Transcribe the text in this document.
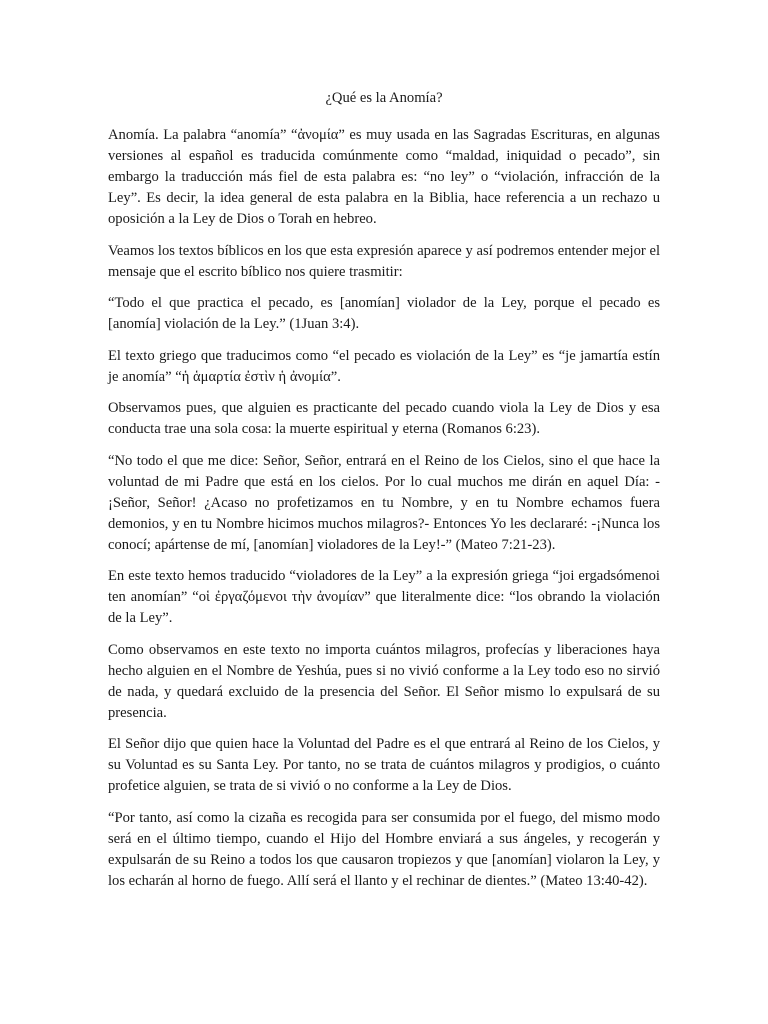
¿Qué es la Anomía?

Anomía. La palabra “anomía” “ἀνομία” es muy usada en las Sagradas Escrituras, en algunas versiones al español es traducida comúnmente como “maldad, iniquidad o pecado”, sin embargo la traducción más fiel de esta palabra es: “no ley” o “violación, infracción de la Ley”. Es decir, la idea general de esta palabra en la Biblia, hace referencia a un rechazo u oposición a la Ley de Dios o Torah en hebreo.

Veamos los textos bíblicos en los que esta expresión aparece y así podremos entender mejor el mensaje que el escrito bíblico nos quiere trasmitir:

“Todo el que practica el pecado, es [anomían] violador de la Ley, porque el pecado es [anomía] violación de la Ley.” (1Juan 3:4).

El texto griego que traducimos como “el pecado es violación de la Ley” es “je jamartía estín je anomía” “ἡ ἁμαρτία ἐστὶν ἡ ἀνομία”.

Observamos pues, que alguien es practicante del pecado cuando viola la Ley de Dios y esa conducta trae una sola cosa: la muerte espiritual y eterna (Romanos 6:23).

“No todo el que me dice: Señor, Señor, entrará en el Reino de los Cielos, sino el que hace la voluntad de mi Padre que está en los cielos. Por lo cual muchos me dirán en aquel Día: -¡Señor, Señor! ¿Acaso no profetizamos en tu Nombre, y en tu Nombre echamos fuera demonios, y en tu Nombre hicimos muchos milagros?- Entonces Yo les declararé: -¡Nunca los conocí; apártense de mí, [anomían] violadores de la Ley!-” (Mateo 7:21-23).

En este texto hemos traducido “violadores de la Ley” a la expresión griega “joi ergadsómenoi ten anomían” “οἱ ἐργαζόμενοι τὴν ἀνομίαν” que literalmente dice: “los obrando la violación de la Ley”.

Como observamos en este texto no importa cuántos milagros, profecías y liberaciones haya hecho alguien en el Nombre de Yeshúa, pues si no vivió conforme a la Ley todo eso no sirvió de nada, y quedará excluido de la presencia del Señor. El Señor mismo lo expulsará de su presencia.

El Señor dijo que quien hace la Voluntad del Padre es el que entrará al Reino de los Cielos, y su Voluntad es su Santa Ley. Por tanto, no se trata de cuántos milagros y prodigios, o cuánto profetice alguien, se trata de si vivió o no conforme a la Ley de Dios.

“Por tanto, así como la cizaña es recogida para ser consumida por el fuego, del mismo modo será en el último tiempo, cuando el Hijo del Hombre enviará a sus ángeles, y recogerán y expulsarán de su Reino a todos los que causaron tropiezos y que [anomían] violaron la Ley, y los echarán al horno de fuego. Allí será el llanto y el rechinar de dientes.” (Mateo 13:40-42).
